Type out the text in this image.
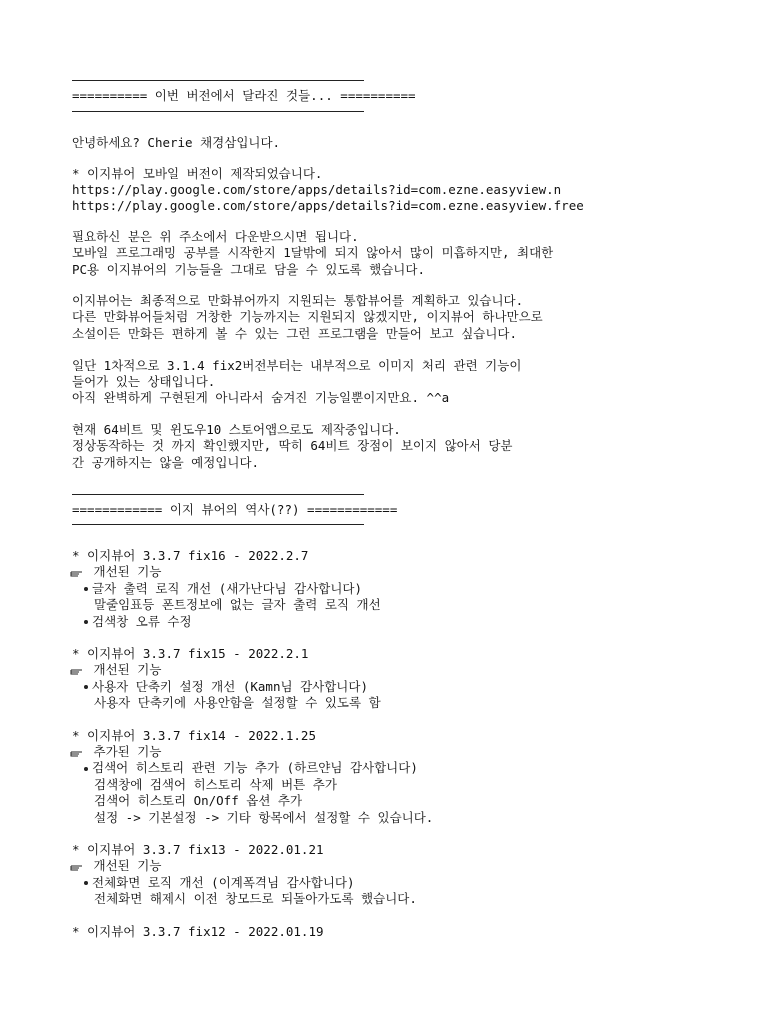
========== 이번 버전에서 달라진 것들... ==========
안녕하세요? Cherie 채경삼입니다.
* 이지뷰어 모바일 버전이 제작되었습니다.
https://play.google.com/store/apps/details?id=com.ezne.easyview.n
https://play.google.com/store/apps/details?id=com.ezne.easyview.free
필요하신 분은 위 주소에서 다운받으시면 됩니다.
모바일 프로그래밍 공부를 시작한지 1달밖에 되지 않아서 많이 미흡하지만, 최대한
PC용 이지뷰어의 기능들을 그대로 담을 수 있도록 했습니다.
이지뷰어는 최종적으로 만화뷰어까지 지원되는 통합뷰어를 계획하고 있습니다.
다른 만화뷰어들처럼 거창한 기능까지는 지원되지 않겠지만, 이지뷰어 하나만으로
소설이든 만화든 편하게 볼 수 있는 그런 프로그램을 만들어 보고 싶습니다.
일단 1차적으로 3.1.4 fix2버전부터는 내부적으로 이미지 처리 관련 기능이
들어가 있는 상태입니다.
아직 완벽하게 구현된게 아니라서 숨겨진 기능일뿐이지만요. ^^a
현재 64비트 및 윈도우10 스토어앱으로도 제작중입니다.
정상동작하는 것 까지 확인했지만, 딱히 64비트 장점이 보이지 않아서 당분
간 공개하지는 않을 예정입니다.
============ 이지 뷰어의 역사(??) ============
* 이지뷰어 3.3.7 fix16 - 2022.2.7
개선된 기능
글자 출력 로직 개선 (새가난다님 감사합니다)
말줄임표등 폰트정보에 없는 글자 출력 로직 개선
검색창 오류 수정
* 이지뷰어 3.3.7 fix15 - 2022.2.1
개선된 기능
사용자 단축키 설정 개선 (Kamn님 감사합니다)
사용자 단축키에 사용안함을 설정할 수 있도록 함
* 이지뷰어 3.3.7 fix14 - 2022.1.25
추가된 기능
검색어 히스토리 관련 기능 추가 (하르얀님 감사합니다)
검색창에 검색어 히스토리 삭제 버튼 추가
검색어 히스토리 On/Off 옵션 추가
설정 -> 기본설정 -> 기타 항목에서 설정할 수 있습니다.
* 이지뷰어 3.3.7 fix13 - 2022.01.21
개선된 기능
전체화면 로직 개선 (이계폭격님 감사합니다)
전체화면 해제시 이전 창모드로 되돌아가도록 했습니다.
* 이지뷰어 3.3.7 fix12 - 2022.01.19
